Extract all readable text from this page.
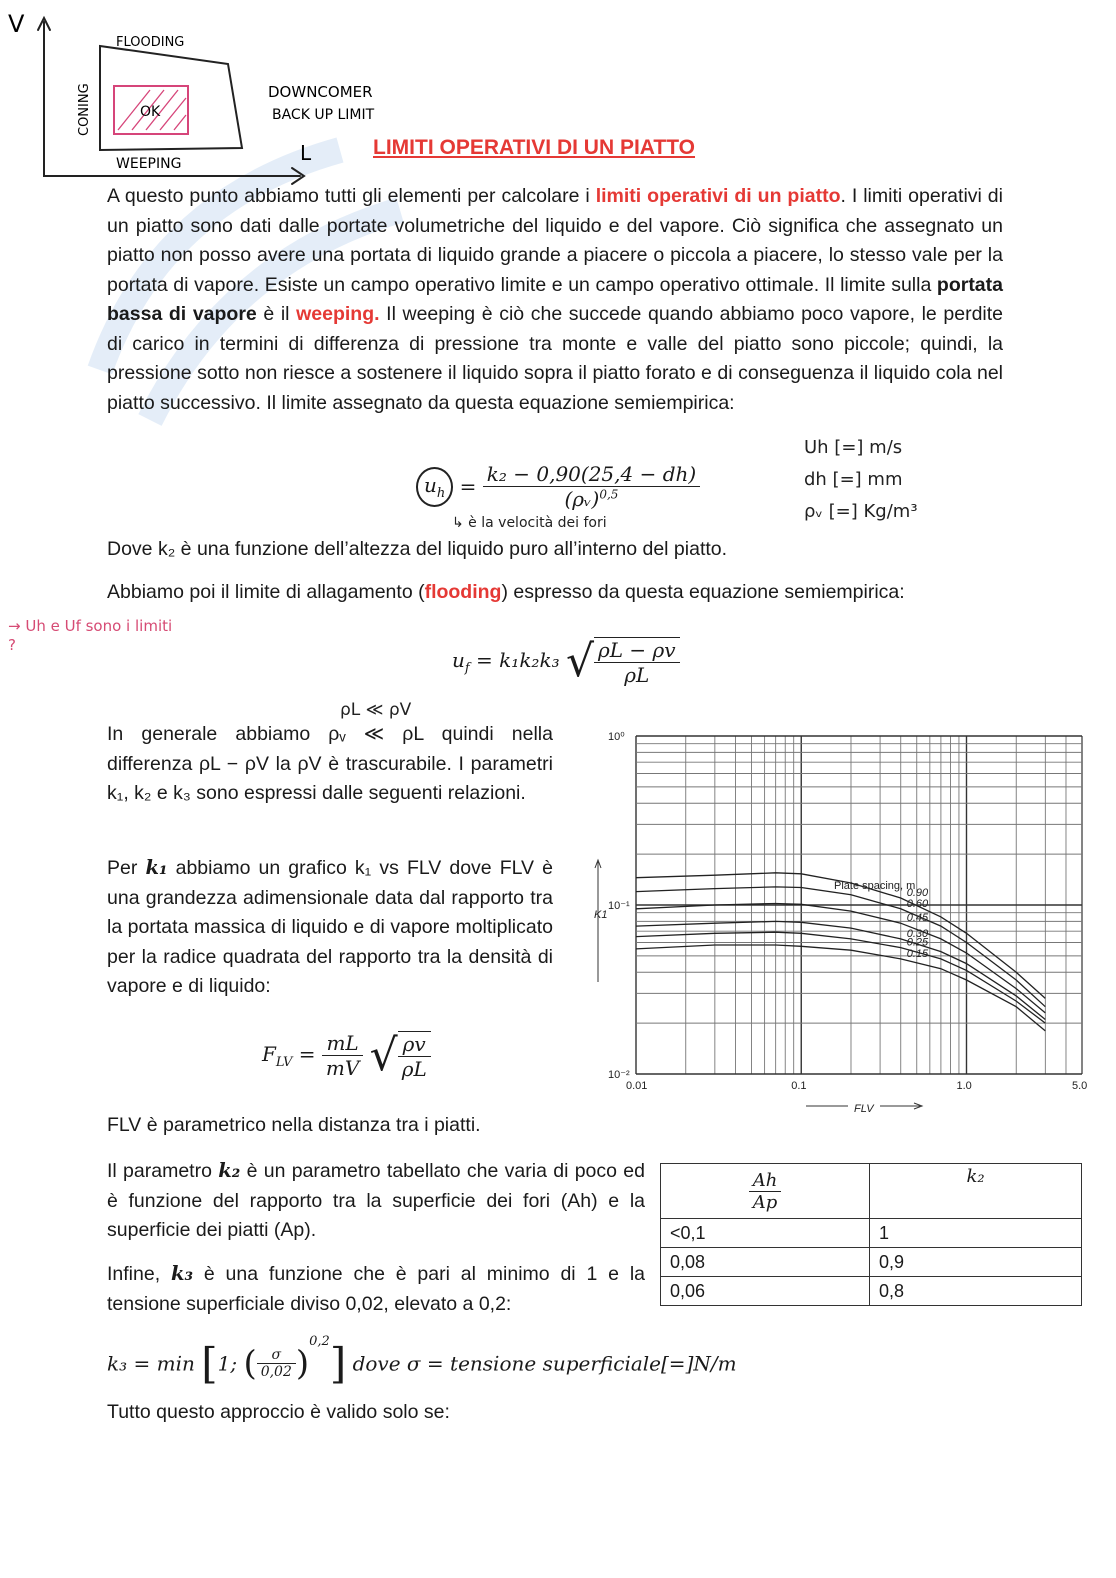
V
L
FLOODING
CONING
WEEPING
OK
DOWNCOMER
BACK UP LIMIT
LIMITI OPERATIVI DI UN PIATTO

A questo punto abbiamo tutti gli elementi per calcolare i limiti operativi di un piatto. I limiti operativi di un piatto sono dati dalle portate volumetriche del liquido e del vapore. Ciò significa che assegnato un piatto non posso avere una portata di liquido grande a piacere o piccola a piacere, lo stesso vale per la portata di vapore. Esiste un campo operativo limite e un campo operativo ottimale. Il limite sulla portata bassa di vapore è il weeping. Il weeping è ciò che succede quando abbiamo poco vapore, le perdite di carico in termini di differenza di pressione tra monte e valle del piatto sono piccole; quindi, la pressione sotto non riesce a sostenere il liquido sopra il piatto forato e di conseguenza il liquido cola nel piatto successivo. Il limite assegnato da questa equazione semiempirica:

$u_h = \frac{\text{k₂ − 0,90(25,4 − dh)}}{(\rho ᵥ)^{0,5}}$
↳ è la velocità dei fori
Uh [=] m/s
dh [=] mm
ρᵥ [=] Kg/m³

Dove k₂ è una funzione dell’altezza del liquido puro all’interno del piatto.

Abbiamo poi il limite di allagamento (flooding) espresso da questa equazione semiempirica:

→ Uh e Uf sono i limiti ?
$u_f = k_1k_2k_3$ √ $\frac{\rho L - \rho v}{\rho L}$
ρL ≪ ρV

In generale abbiamo ρᵥ ≪ ρL quindi nella differenza ρL − ρV la ρV è trascurabile. I parametri k₁, k₂ e k₃ sono espressi dalle seguenti relazioni.

Per k₁ abbiamo un grafico k₁ vs FLV dove FLV è una grandezza adimensionale data dal rapporto tra la portata massica di liquido e di vapore moltiplicato per la radice quadrata del rapporto tra la densità di vapore e di liquido:

$F_{LV} = \frac{mL}{mV}$ √ $\frac{\rho v}{\rho L}$

FLV è parametrico nella distanza tra i piatti.

Il parametro k₂ è un parametro tabellato che varia di poco ed è funzione del rapporto tra la superficie dei fori (Ah) e la superficie dei piatti (Ap).

Infine, k₃ è una funzione che è pari al minimo di 1 e la tensione superficiale diviso 0,02, elevato a 0,2:

k₃ = min [1; ( $\frac{\sigma}{0,02} )^{0,2}$] dove σ = tensione superficiale[=]N/m

Tutto questo approccio è valido solo se:

$\frac{Ah}{Ap}$	k₂
<0,1	1
0,08	0,9
0,06	0,8
0.90
0.60
0.45
0.30
0.25
0.15
0.01	0.1	1.0	5.0
10⁰
10⁻¹
10⁻²
Plate spacing, m
K1
FLV
